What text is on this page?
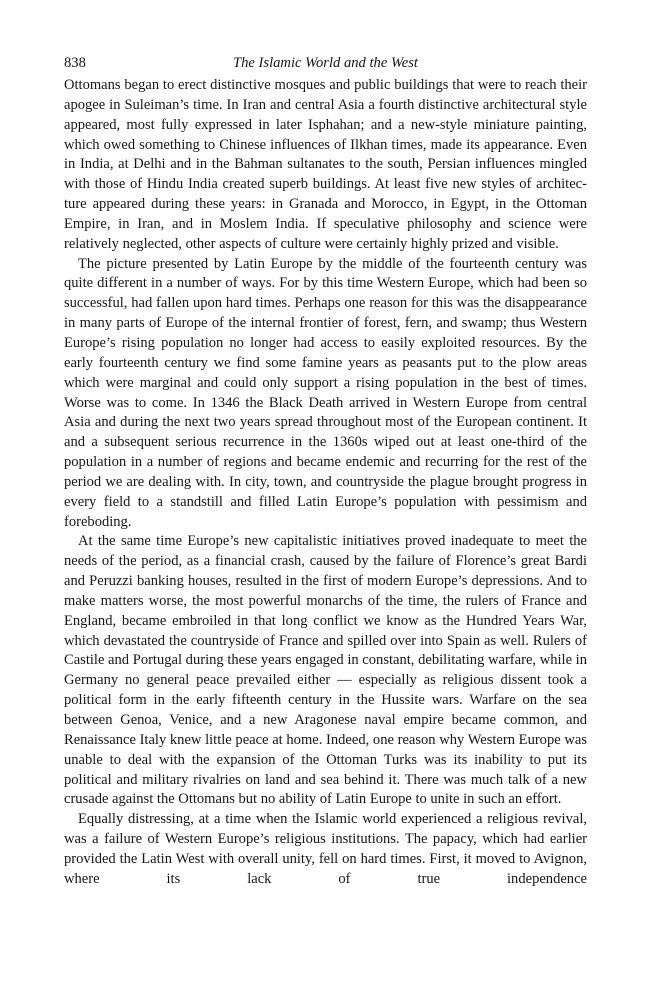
838	The Islamic World and the West

Ottomans began to erect distinctive mosques and public buildings that were to reach their apogee in Suleiman’s time. In Iran and central Asia a fourth distinctive architectural style appeared, most fully expressed in later Isphahan; and a new-style miniature painting, which owed something to Chinese influences of Ilkhan times, made its appearance. Even in India, at Delhi and in the Bahman sultanates to the south, Persian influences mingled with those of Hindu India created superb buildings. At least five new styles of architecture appeared during these years: in Granada and Morocco, in Egypt, in the Ottoman Empire, in Iran, and in Moslem India. If speculative philosophy and science were relatively neglected, other aspects of culture were certainly highly prized and visible.

The picture presented by Latin Europe by the middle of the fourteenth century was quite different in a number of ways. For by this time Western Europe, which had been so successful, had fallen upon hard times. Perhaps one reason for this was the disappearance in many parts of Europe of the internal frontier of forest, fern, and swamp; thus Western Europe’s rising population no longer had access to easily exploited resources. By the early fourteenth century we find some famine years as peasants put to the plow areas which were marginal and could only support a rising population in the best of times. Worse was to come. In 1346 the Black Death arrived in Western Europe from central Asia and during the next two years spread throughout most of the European continent. It and a subsequent serious recurrence in the 1360s wiped out at least one-third of the population in a number of regions and became endemic and recurring for the rest of the period we are dealing with. In city, town, and countryside the plague brought progress in every field to a standstill and filled Latin Europe’s population with pessimism and foreboding.

At the same time Europe’s new capitalistic initiatives proved inadequate to meet the needs of the period, as a financial crash, caused by the failure of Florence’s great Bardi and Peruzzi banking houses, resulted in the first of modern Europe’s depressions. And to make matters worse, the most powerful monarchs of the time, the rulers of France and England, became embroiled in that long conflict we know as the Hundred Years War, which devastated the countryside of France and spilled over into Spain as well. Rulers of Castile and Portugal during these years engaged in constant, debilitating warfare, while in Germany no general peace prevailed either — especially as religious dissent took a political form in the early fifteenth century in the Hussite wars. Warfare on the sea between Genoa, Venice, and a new Aragonese naval empire became common, and Renaissance Italy knew little peace at home. Indeed, one reason why Western Europe was unable to deal with the expansion of the Ottoman Turks was its inability to put its political and military rivalries on land and sea behind it. There was much talk of a new crusade against the Ottomans but no ability of Latin Europe to unite in such an effort.

Equally distressing, at a time when the Islamic world experienced a religious revival, was a failure of Western Europe’s religious institutions. The papacy, which had earlier provided the Latin West with overall unity, fell on hard times. First, it moved to Avignon, where its lack of true independence
